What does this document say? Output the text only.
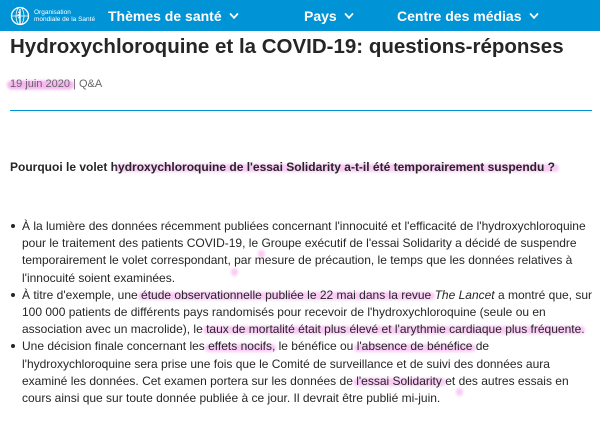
Organisation
mondiale de la Santé Thèmes de santé	Pays	Centre des médias
Hydroxychloroquine et la COVID-19: questions-réponses
19 juin 2020 | Q&A
Pourquoi le volet hydroxychloroquine de l'essai Solidarity a-t-il été temporairement suspendu ?
À la lumière des données récemment publiées concernant l'innocuité et l'efficacité de l'hydroxychloroquine pour le traitement des patients COVID-19, le Groupe exécutif de l'essai Solidarity a décidé de suspendre temporairement le volet correspondant, par mesure de précaution, le temps que les données relatives à l'innocuité soient examinées.
À titre d'exemple, une étude observationnelle publiée le 22 mai dans la revue The Lancet a montré que, sur 100 000 patients de différents pays randomisés pour recevoir de l'hydroxychloroquine (seule ou en association avec un macrolide), le taux de mortalité était plus élevé et l'arythmie cardiaque plus fréquente.
Une décision finale concernant les effets nocifs, le bénéfice ou l'absence de bénéfice de l'hydroxychloroquine sera prise une fois que le Comité de surveillance et de suivi des données aura examiné les données. Cet examen portera sur les données de l'essai Solidarity et des autres essais en cours ainsi que sur toute donnée publiée à ce jour. Il devrait être publié mi-juin.
